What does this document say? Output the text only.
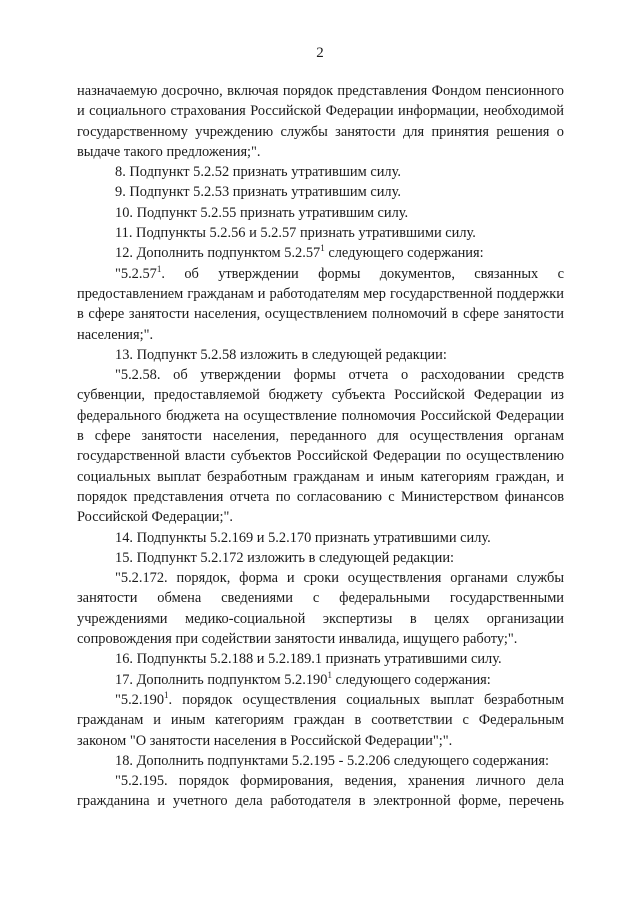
2

назначаемую досрочно, включая порядок представления Фондом пенсионного и социального страхования Российской Федерации информации, необходимой государственному учреждению службы занятости для принятия решения о выдаче такого предложения;".

8. Подпункт 5.2.52 признать утратившим силу.

9. Подпункт 5.2.53 признать утратившим силу.

10. Подпункт 5.2.55 признать утратившим силу.

11. Подпункты 5.2.56 и 5.2.57 признать утратившими силу.

12. Дополнить подпунктом 5.2.57$^1$ следующего содержания:

"5.2.57$^1$. об утверждении формы документов, связанных с предоставлением гражданам и работодателям мер государственной поддержки в сфере занятости населения, осуществлением полномочий в сфере занятости населения;".

13. Подпункт 5.2.58 изложить в следующей редакции:

"5.2.58. об утверждении формы отчета о расходовании средств субвенции, предоставляемой бюджету субъекта Российской Федерации из федерального бюджета на осуществление полномочия Российской Федерации в сфере занятости населения, переданного для осуществления органам государственной власти субъектов Российской Федерации по осуществлению социальных выплат безработным гражданам и иным категориям граждан, и порядок представления отчета по согласованию с Министерством финансов Российской Федерации;".

14. Подпункты 5.2.169 и 5.2.170 признать утратившими силу.

15. Подпункт 5.2.172 изложить в следующей редакции:

"5.2.172. порядок, форма и сроки осуществления органами службы занятости обмена сведениями с федеральными государственными учреждениями медико-социальной экспертизы в целях организации сопровождения при содействии занятости инвалида, ищущего работу;".

16. Подпункты 5.2.188 и 5.2.189.1 признать утратившими силу.

17. Дополнить подпунктом 5.2.190$^1$ следующего содержания:

"5.2.190$^1$. порядок осуществления социальных выплат безработным гражданам и иным категориям граждан в соответствии с Федеральным законом "О занятости населения в Российской Федерации";".

18. Дополнить подпунктами 5.2.195 - 5.2.206 следующего содержания:

"5.2.195. порядок формирования, ведения, хранения личного дела гражданина и учетного дела работодателя в электронной форме, перечень
